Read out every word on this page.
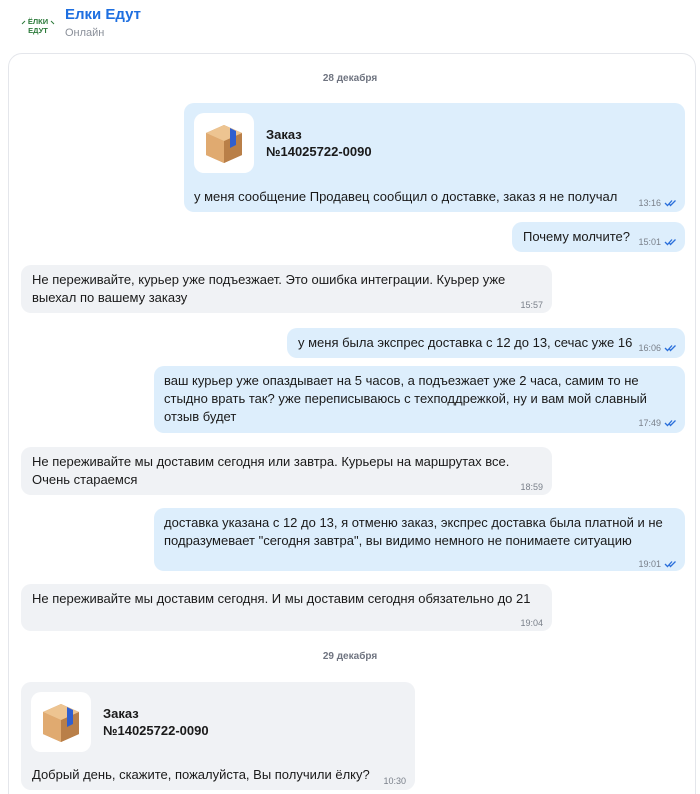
ЁЛКИ
ЕДУТ
Елки Едут
Онлайн
28 декабря
Заказ
№14025722-0090
у меня сообщение Продавец сообщил о доставке, заказ я не получал	13:16
Почему молчите? 15:01
Не переживайте, курьер уже подъезжает. Это ошибка интеграции. Куьрер уже выехал по вашему заказу	15:57
у меня была экспрес доставка с 12 до 13, сечас уже 16 16:06
ваш курьер уже опаздывает на 5 часов, а подъезжает уже 2 часа, самим то не стыдно врать так? уже переписываюсь с техподдрежкой, ну и вам мой славный отзыв будет	17:49
Не переживайте мы доставим сегодня или завтра. Курьеры на маршрутах все. Очень стараемся	18:59
доставка указана с 12 до 13, я отменю заказ, экспрес доставка была платной и не подразумевает "сегодня завтра", вы видимо немного не понимаете ситуацию
19:01
Не переживайте мы доставим сегодня. И мы доставим сегодня обязательно до 21
19:04
29 декабря
Заказ
№14025722-0090
Добрый день, скажите, пожалуйста, Вы получили ёлку?	10:30
